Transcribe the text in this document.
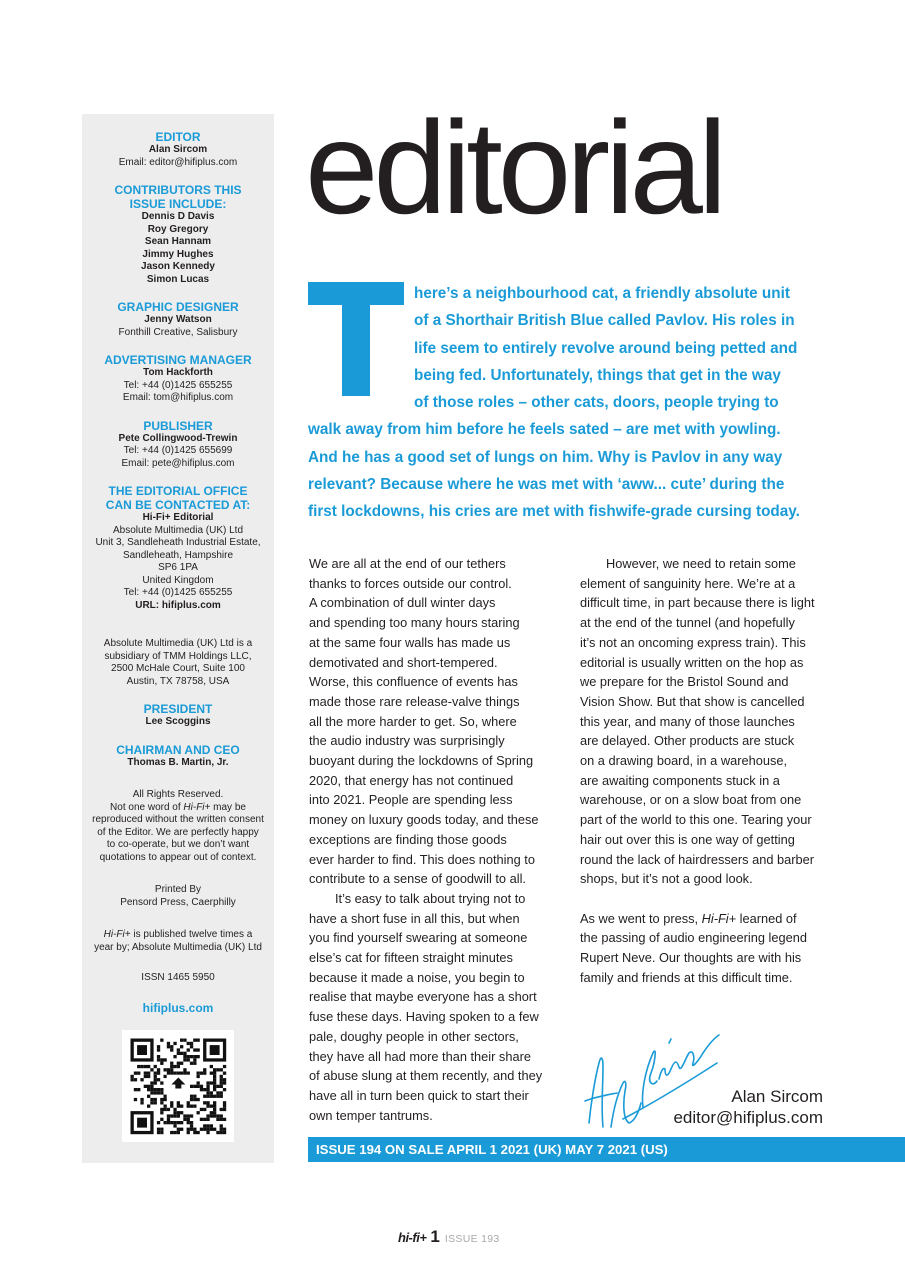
EDITOR
Alan Sircom
Email: editor@hifiplus.com
CONTRIBUTORS THIS
ISSUE INCLUDE:
Dennis D Davis
Roy Gregory
Sean Hannam
Jimmy Hughes
Jason Kennedy
Simon Lucas
GRAPHIC DESIGNER
Jenny Watson
Fonthill Creative, Salisbury
ADVERTISING MANAGER
Tom Hackforth
Tel: +44 (0)1425 655255
Email: tom@hifiplus.com
PUBLISHER
Pete Collingwood-Trewin
Tel: +44 (0)1425 655699
Email: pete@hifiplus.com
THE EDITORIAL OFFICE
CAN BE CONTACTED AT:
Hi-Fi+ Editorial
Absolute Multimedia (UK) Ltd
Unit 3, Sandleheath Industrial Estate,
Sandleheath, Hampshire
SP6 1PA
United Kingdom
Tel: +44 (0)1425 655255
URL: hifiplus.com
Absolute Multimedia (UK) Ltd is a
subsidiary of TMM Holdings LLC,
2500 McHale Court, Suite 100
Austin, TX 78758, USA
PRESIDENT
Lee Scoggins
CHAIRMAN AND CEO
Thomas B. Martin, Jr.
All Rights Reserved.
Not one word of Hi-Fi+ may be
reproduced without the written consent
of the Editor. We are perfectly happy
to co-operate, but we don’t want
quotations to appear out of context.
Printed By
Pensord Press, Caerphilly
Hi-Fi+ is published twelve times a
year by; Absolute Multimedia (UK) Ltd
ISSN 1465 5950
hifiplus.com
editorial
here’s a neighbourhood cat, a friendly absolute unit
of a Shorthair British Blue called Pavlov. His roles in
life seem to entirely revolve around being petted and
being fed. Unfortunately, things that get in the way
of those roles – other cats, doors, people trying to
walk away from him before he feels sated – are met with yowling.
And he has a good set of lungs on him. Why is Pavlov in any way
relevant? Because where he was met with ‘aww... cute’ during the
first lockdowns, his cries are met with fishwife-grade cursing today.

We are all at the end of our tethers
thanks to forces outside our control.
A combination of dull winter days
and spending too many hours staring
at the same four walls has made us
demotivated and short-tempered.
Worse, this confluence of events has
made those rare release-valve things
all the more harder to get. So, where
the audio industry was surprisingly
buoyant during the lockdowns of Spring
2020, that energy has not continued
into 2021. People are spending less
money on luxury goods today, and these
exceptions are finding those goods
ever harder to find. This does nothing to
contribute to a sense of goodwill to all.

It’s easy to talk about trying not to
have a short fuse in all this, but when
you find yourself swearing at someone
else’s cat for fifteen straight minutes
because it made a noise, you begin to
realise that maybe everyone has a short
fuse these days. Having spoken to a few
pale, doughy people in other sectors,
they have all had more than their share
of abuse slung at them recently, and they
have all in turn been quick to start their
own temper tantrums.

However, we need to retain some
element of sanguinity here. We’re at a
difficult time, in part because there is light
at the end of the tunnel (and hopefully
it’s not an oncoming express train). This
editorial is usually written on the hop as
we prepare for the Bristol Sound and
Vision Show. But that show is cancelled
this year, and many of those launches
are delayed. Other products are stuck
on a drawing board, in a warehouse,
are awaiting components stuck in a
warehouse, or on a slow boat from one
part of the world to this one. Tearing your
hair out over this is one way of getting
round the lack of hairdressers and barber
shops, but it’s not a good look.

As we went to press, Hi-Fi+ learned of
the passing of audio engineering legend
Rupert Neve. Our thoughts are with his
family and friends at this difficult time.

Alan Sircom
editor@hifiplus.com
ISSUE 194 ON SALE APRIL 1 2021 (UK) MAY 7 2021 (US)
hi-fi+ 1 ISSUE 193
